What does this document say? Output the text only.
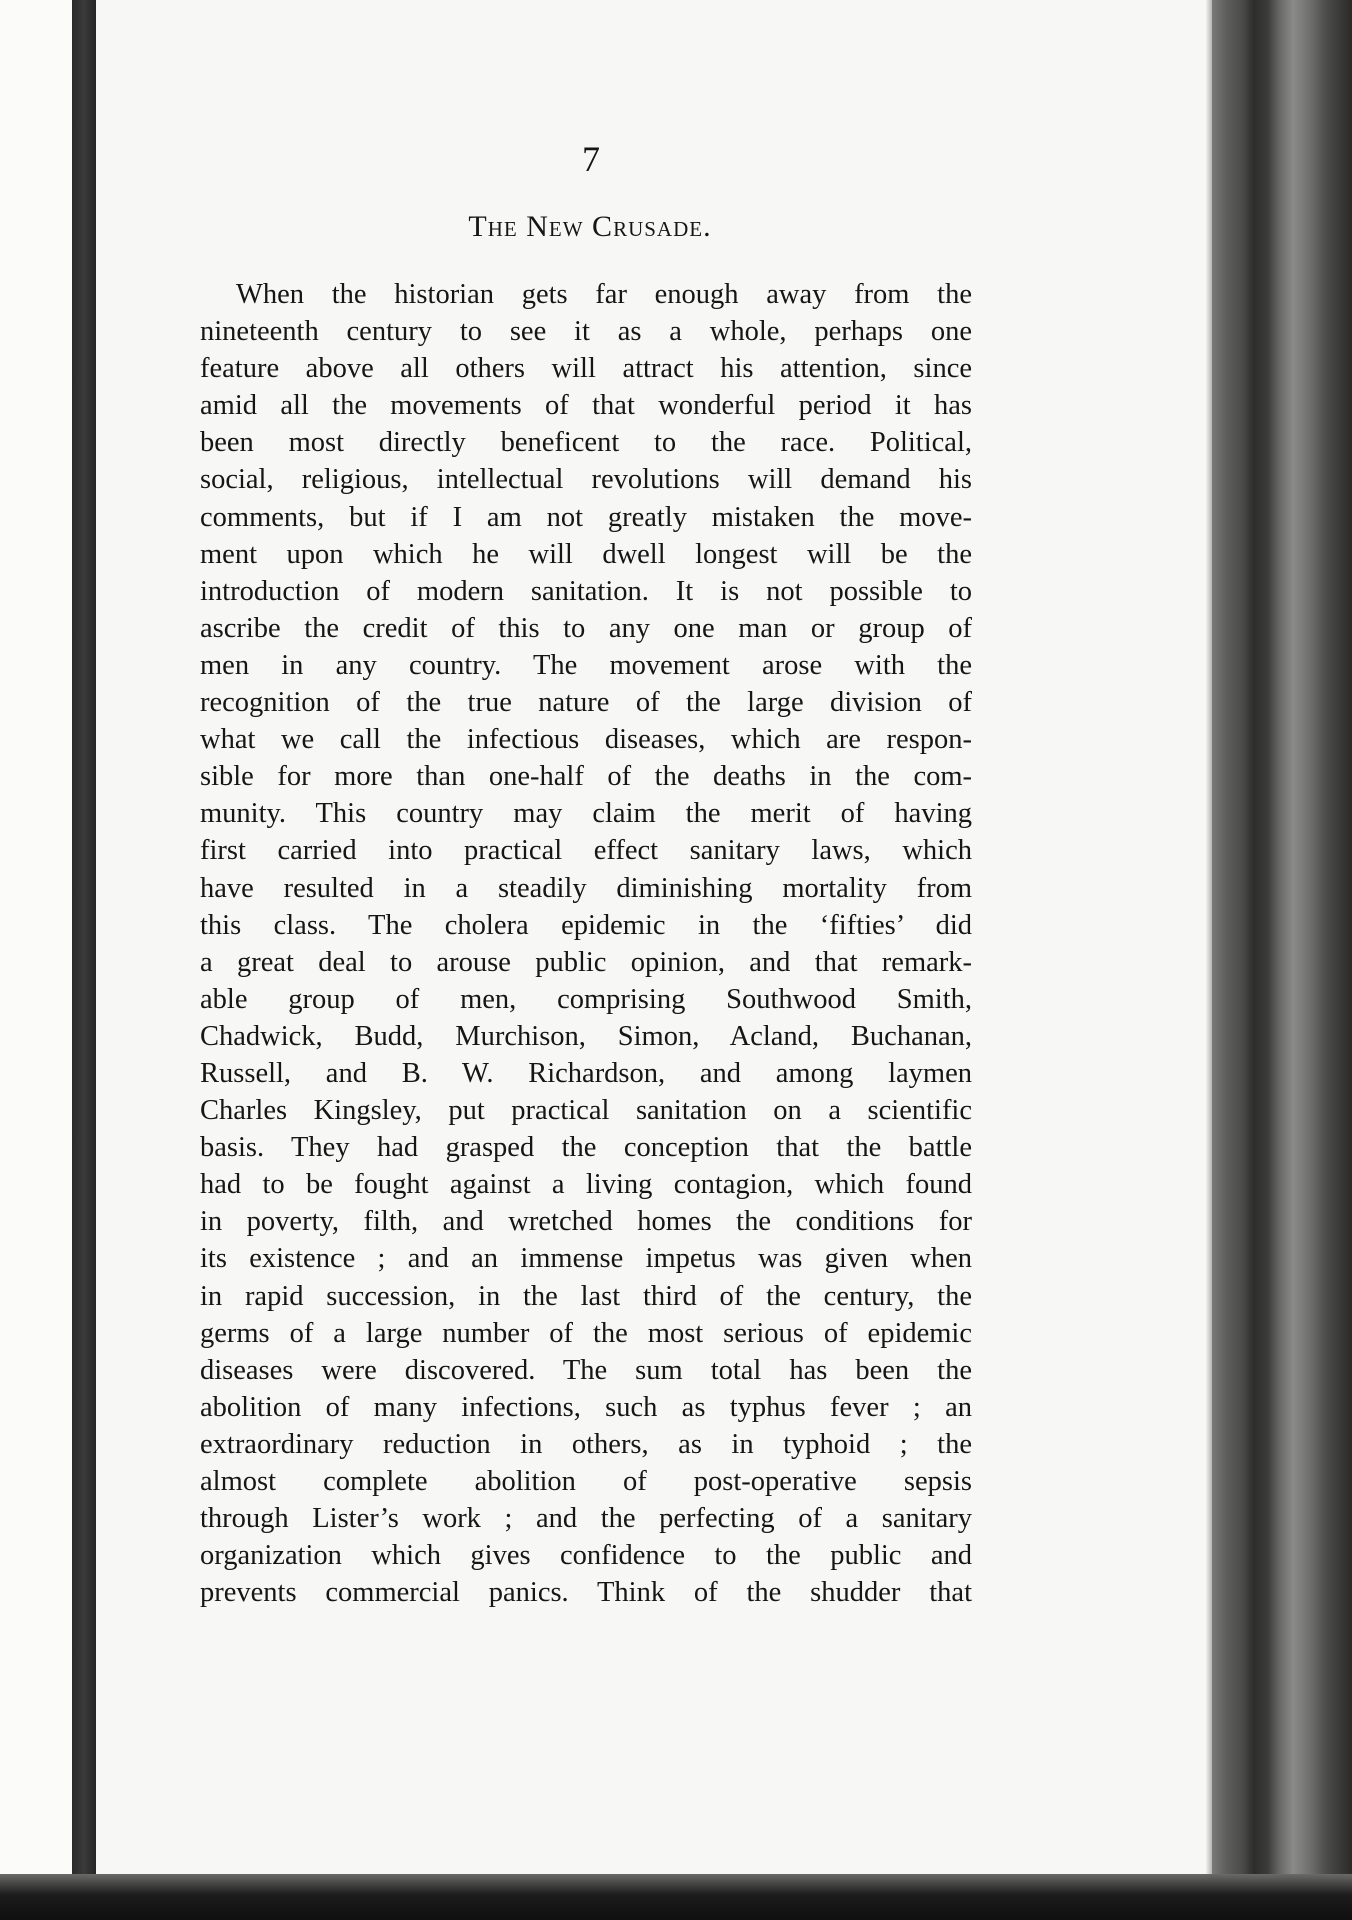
7
The New Crusade.
When the historian gets far enough away from the
nineteenth century to see it as a whole, perhaps one
feature above all others will attract his attention, since
amid all the movements of that wonderful period it has
been most directly beneficent to the race. Political,
social, religious, intellectual revolutions will demand his
comments, but if I am not greatly mistaken the move-
ment upon which he will dwell longest will be the
introduction of modern sanitation. It is not possible to
ascribe the credit of this to any one man or group of
men in any country. The movement arose with the
recognition of the true nature of the large division of
what we call the infectious diseases, which are respon-
sible for more than one-half of the deaths in the com-
munity. This country may claim the merit of having
first carried into practical effect sanitary laws, which
have resulted in a steadily diminishing mortality from
this class. The cholera epidemic in the ‘fifties’ did
a great deal to arouse public opinion, and that remark-
able group of men, comprising Southwood Smith,
Chadwick, Budd, Murchison, Simon, Acland, Buchanan,
Russell, and B. W. Richardson, and among laymen
Charles Kingsley, put practical sanitation on a scientific
basis. They had grasped the conception that the battle
had to be fought against a living contagion, which found
in poverty, filth, and wretched homes the conditions for
its existence ; and an immense impetus was given when
in rapid succession, in the last third of the century, the
germs of a large number of the most serious of epidemic
diseases were discovered. The sum total has been the
abolition of many infections, such as typhus fever ; an
extraordinary reduction in others, as in typhoid ; the
almost complete abolition of post-operative sepsis
through Lister’s work ; and the perfecting of a sanitary
organization which gives confidence to the public and
prevents commercial panics. Think of the shudder that
